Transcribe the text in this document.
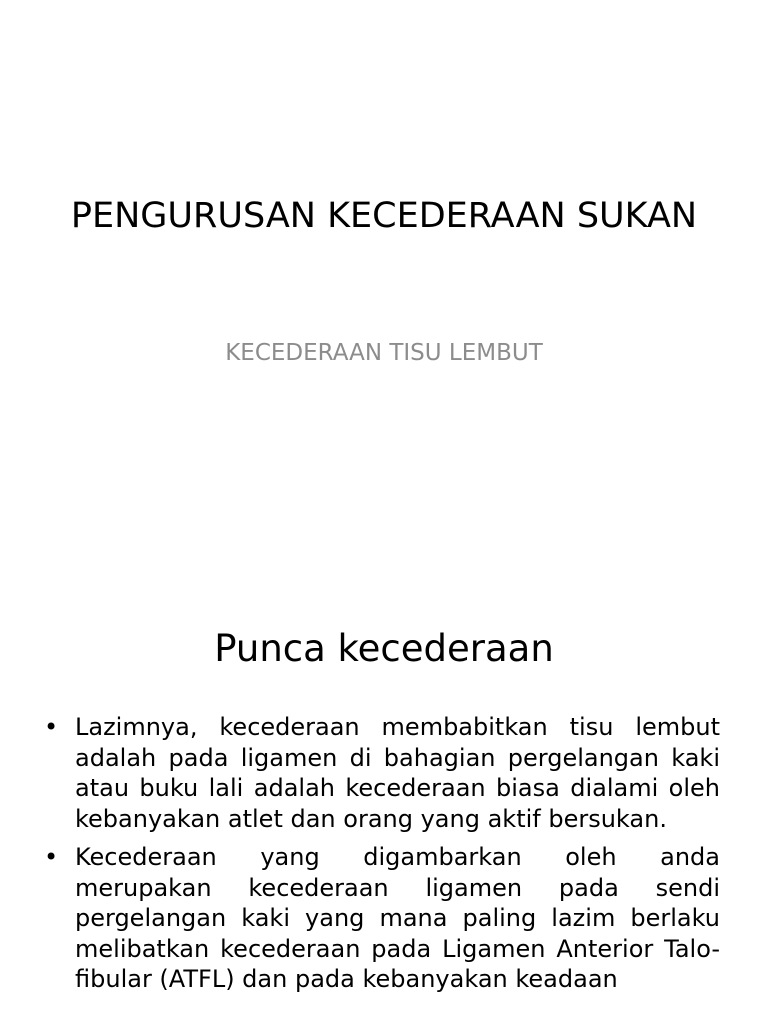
PENGURUSAN KECEDERAAN SUKAN

KECEDERAAN TISU LEMBUT

Punca kecederaan
• Lazimnya, kecederaan membabitkan tisu lembut adalah pada ligamen di bahagian pergelangan kaki atau buku lali adalah kecederaan biasa dialami oleh kebanyakan atlet dan orang yang aktif bersukan.
• Kecederaan yang digambarkan oleh anda merupakan kecederaan ligamen pada sendi pergelangan kaki yang mana paling lazim berlaku melibatkan kecederaan pada Ligamen Anterior Talo-fibular (ATFL) dan pada kebanyakan keadaan
